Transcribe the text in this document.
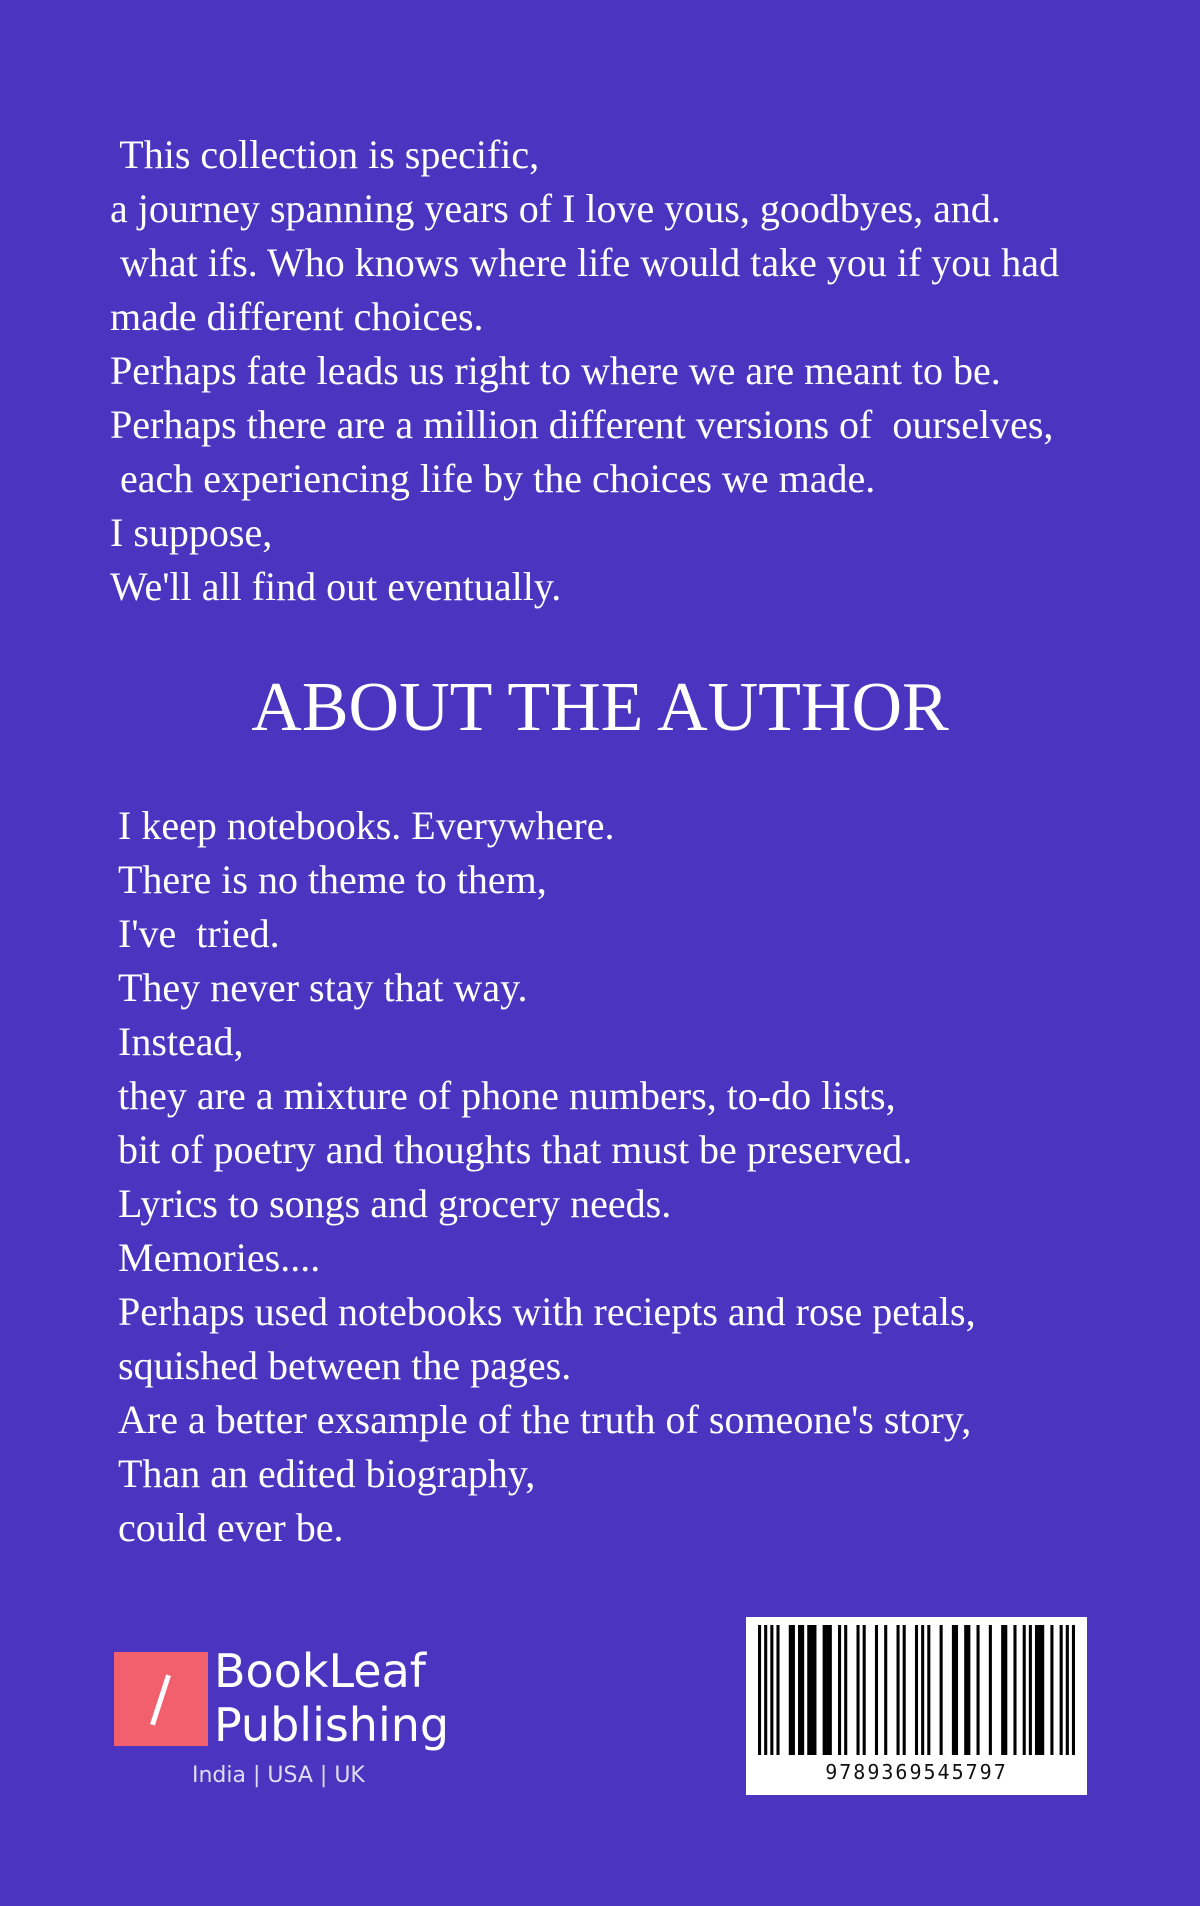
This collection is specific,
a journey spanning years of I love yous, goodbyes, and.
what ifs. Who knows where life would take you if you had
made different choices.
Perhaps fate leads us right to where we are meant to be.
Perhaps there are a million different versions of  ourselves,
each experiencing life by the choices we made.
I suppose,
We'll all find out eventually.
ABOUT THE AUTHOR
I keep notebooks. Everywhere.
There is no theme to them,
I've  tried.
They never stay that way.
Instead,
they are a mixture of phone numbers, to-do lists,
bit of poetry and thoughts that must be preserved.
Lyrics to songs and grocery needs.
Memories....
Perhaps used notebooks with reciepts and rose petals,
squished between the pages.
Are a better exsample of the truth of someone's story,
Than an edited biography,
could ever be.
BookLeaf
Publishing
India | USA | UK	9789369545797
